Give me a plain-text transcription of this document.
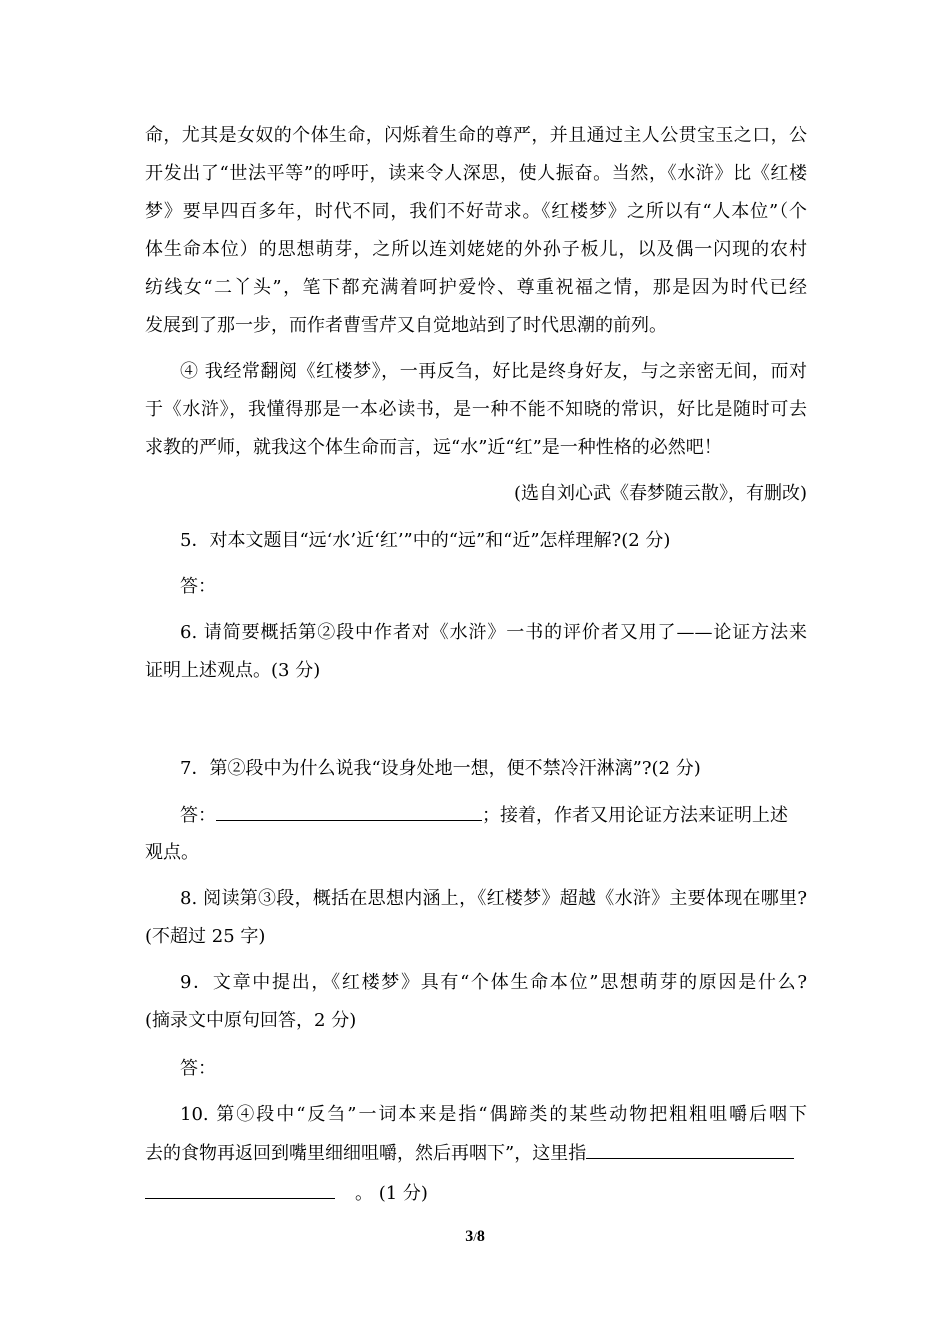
命，尤其是女奴的个体生命，闪烁着生命的尊严，并且通过主人公贯宝玉之口，公
开发出了“世法平等”的呼吁，读来令人深思，使人振奋。当然，《水浒》比《红楼
梦》要早四百多年，时代不同，我们不好苛求。《红楼梦》之所以有“人本位”（个
体生命本位）的思想萌芽，之所以连刘姥姥的外孙子板儿，以及偶一闪现的农村
纺线女“二丫头”，笔下都充满着呵护爱怜、尊重祝福之情，那是因为时代已经
发展到了那一步，而作者曹雪芹又自觉地站到了时代思潮的前列。
④ 我经常翻阅《红楼梦》，一再反刍，好比是终身好友，与之亲密无间，而对
于《水浒》，我懂得那是一本必读书，是一种不能不知晓的常识，好比是随时可去
求教的严师，就我这个体生命而言，远“水”近“红”是一种性格的必然吧！
(选自刘心武《春梦随云散》，有删改)
5．对本文题目“远‘水’近‘红’”中的“远”和“近”怎样理解?(2 分)
答：
6. 请简要概括第②段中作者对《水浒》一书的评价者又用了——论证方法来
证明上述观点。(3 分)
7．第②段中为什么说我“设身处地一想，便不禁冷汗淋漓”?(2 分)
答：	；接着，作者又用论证方法来证明上述
观点。
8. 阅读第③段，概括在思想内涵上，《红楼梦》超越《水浒》主要体现在哪里?
(不超过 25 字)
9．文章中提出，《红楼梦》具有“个体生命本位”思想萌芽的原因是什么?
(摘录文中原句回答，2 分)
答：
10. 第④段中“反刍”一词本来是指“偶蹄类的某些动物把粗粗咀嚼后咽下
去的食物再返回到嘴里细细咀嚼，然后再咽下”，这里指
。 (1 分)
3/8
